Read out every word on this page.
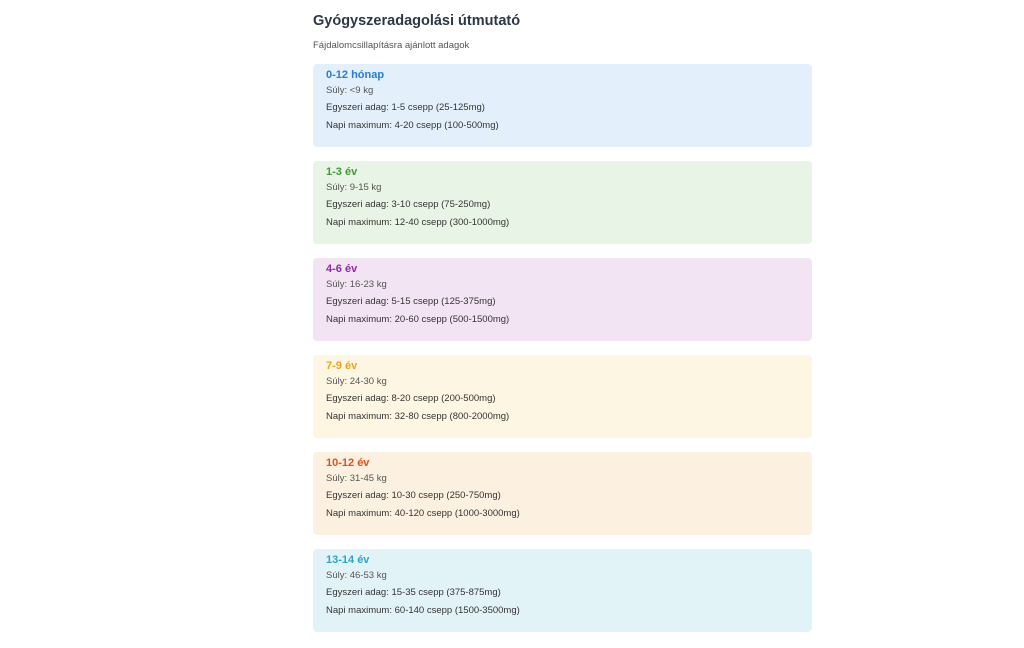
Gyógyszeradagolási útmutató
Fájdalomcsillapításra ajánlott adagok
0-12 hónap
Súly: <9 kg
Egyszeri adag: 1-5 csepp (25-125mg)
Napi maximum: 4-20 csepp (100-500mg)
1-3 év
Súly: 9-15 kg
Egyszeri adag: 3-10 csepp (75-250mg)
Napi maximum: 12-40 csepp (300-1000mg)
4-6 év
Súly: 16-23 kg
Egyszeri adag: 5-15 csepp (125-375mg)
Napi maximum: 20-60 csepp (500-1500mg)
7-9 év
Súly: 24-30 kg
Egyszeri adag: 8-20 csepp (200-500mg)
Napi maximum: 32-80 csepp (800-2000mg)
10-12 év
Súly: 31-45 kg
Egyszeri adag: 10-30 csepp (250-750mg)
Napi maximum: 40-120 csepp (1000-3000mg)
13-14 év
Súly: 46-53 kg
Egyszeri adag: 15-35 csepp (375-875mg)
Napi maximum: 60-140 csepp (1500-3500mg)
